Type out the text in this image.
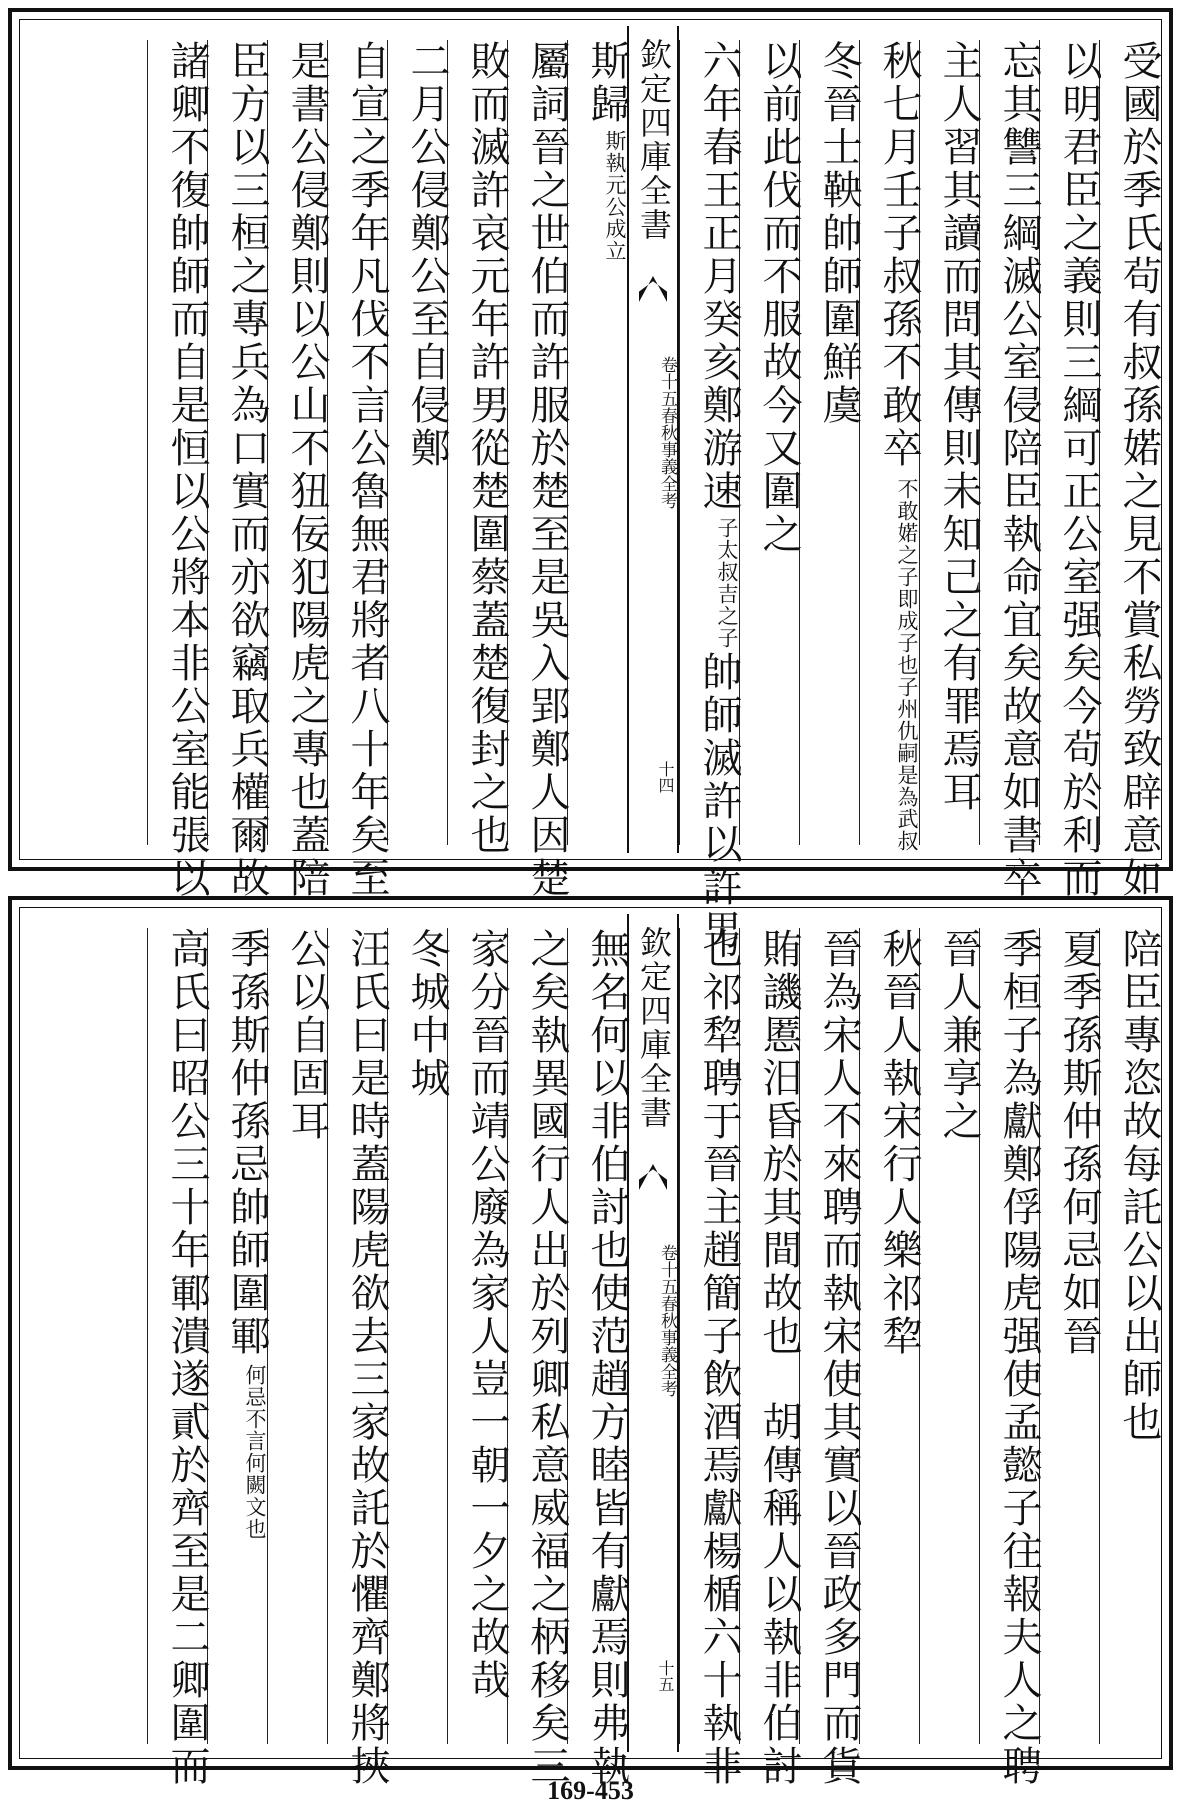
受國於季氏茍有叔孫婼之見不賞私勞致辟意如
以明君臣之義則三綱可正公室强矣今茍於利而
忘其讐三綱滅公室侵陪臣執命宜矣故意如書卒
主人習其讀而問其傳則未知己之有罪焉耳
秋七月壬子叔孫不敢卒不敢婼之子即成子也子州仇嗣是為武叔
冬晉士鞅帥師圍鮮虞
以前此伐而不服故今又圍之
六年春王正月癸亥鄭游速子太叔吉之子帥師滅許以許男
欽定四庫全書
卷十五
春秋事義全考
十四
斯歸斯執元公成立
屬詞晉之世伯而許服於楚至是吳入郢鄭人因楚
敗而滅許哀元年許男從楚圍蔡蓋楚復封之也
二月公侵鄭公至自侵鄭
自宣之季年凡伐不言公魯無君將者八十年矣至
是書公侵鄭則以公山不狃佞犯陽虎之專也蓋陪
臣方以三桓之專兵為口實而亦欲竊取兵權爾故
諸卿不復帥師而自是恒以公將本非公室能張以
陪臣專恣故每託公以出師也
夏季孫斯仲孫何忌如晉
季桓子為獻鄭俘陽虎强使孟懿子往報夫人之聘
晉人兼享之
秋晉人執宋行人樂祁犂
晉為宋人不來聘而執宋使其實以晉政多門而貨
賄譏慝汨昏於其間故也　胡傳稱人以執非伯討
也祁犂聘于晉主趙簡子飲酒焉獻楊楯六十執非
欽定四庫全書
卷十五
春秋事義全考
十五
無名何以非伯討也使范趙方睦皆有獻焉則弗執
之矣執異國行人出於列卿私意威福之柄移矣三
家分晉而靖公廢為家人豈一朝一夕之故哉
冬城中城
汪氏曰是時蓋陽虎欲去三家故託於懼齊鄭將挾
公以自固耳
季孫斯仲孫忌帥師圍鄆何忌不言何闕文也
高氏曰昭公三十年鄆潰遂貳於齊至是二卿圍而
169-453
